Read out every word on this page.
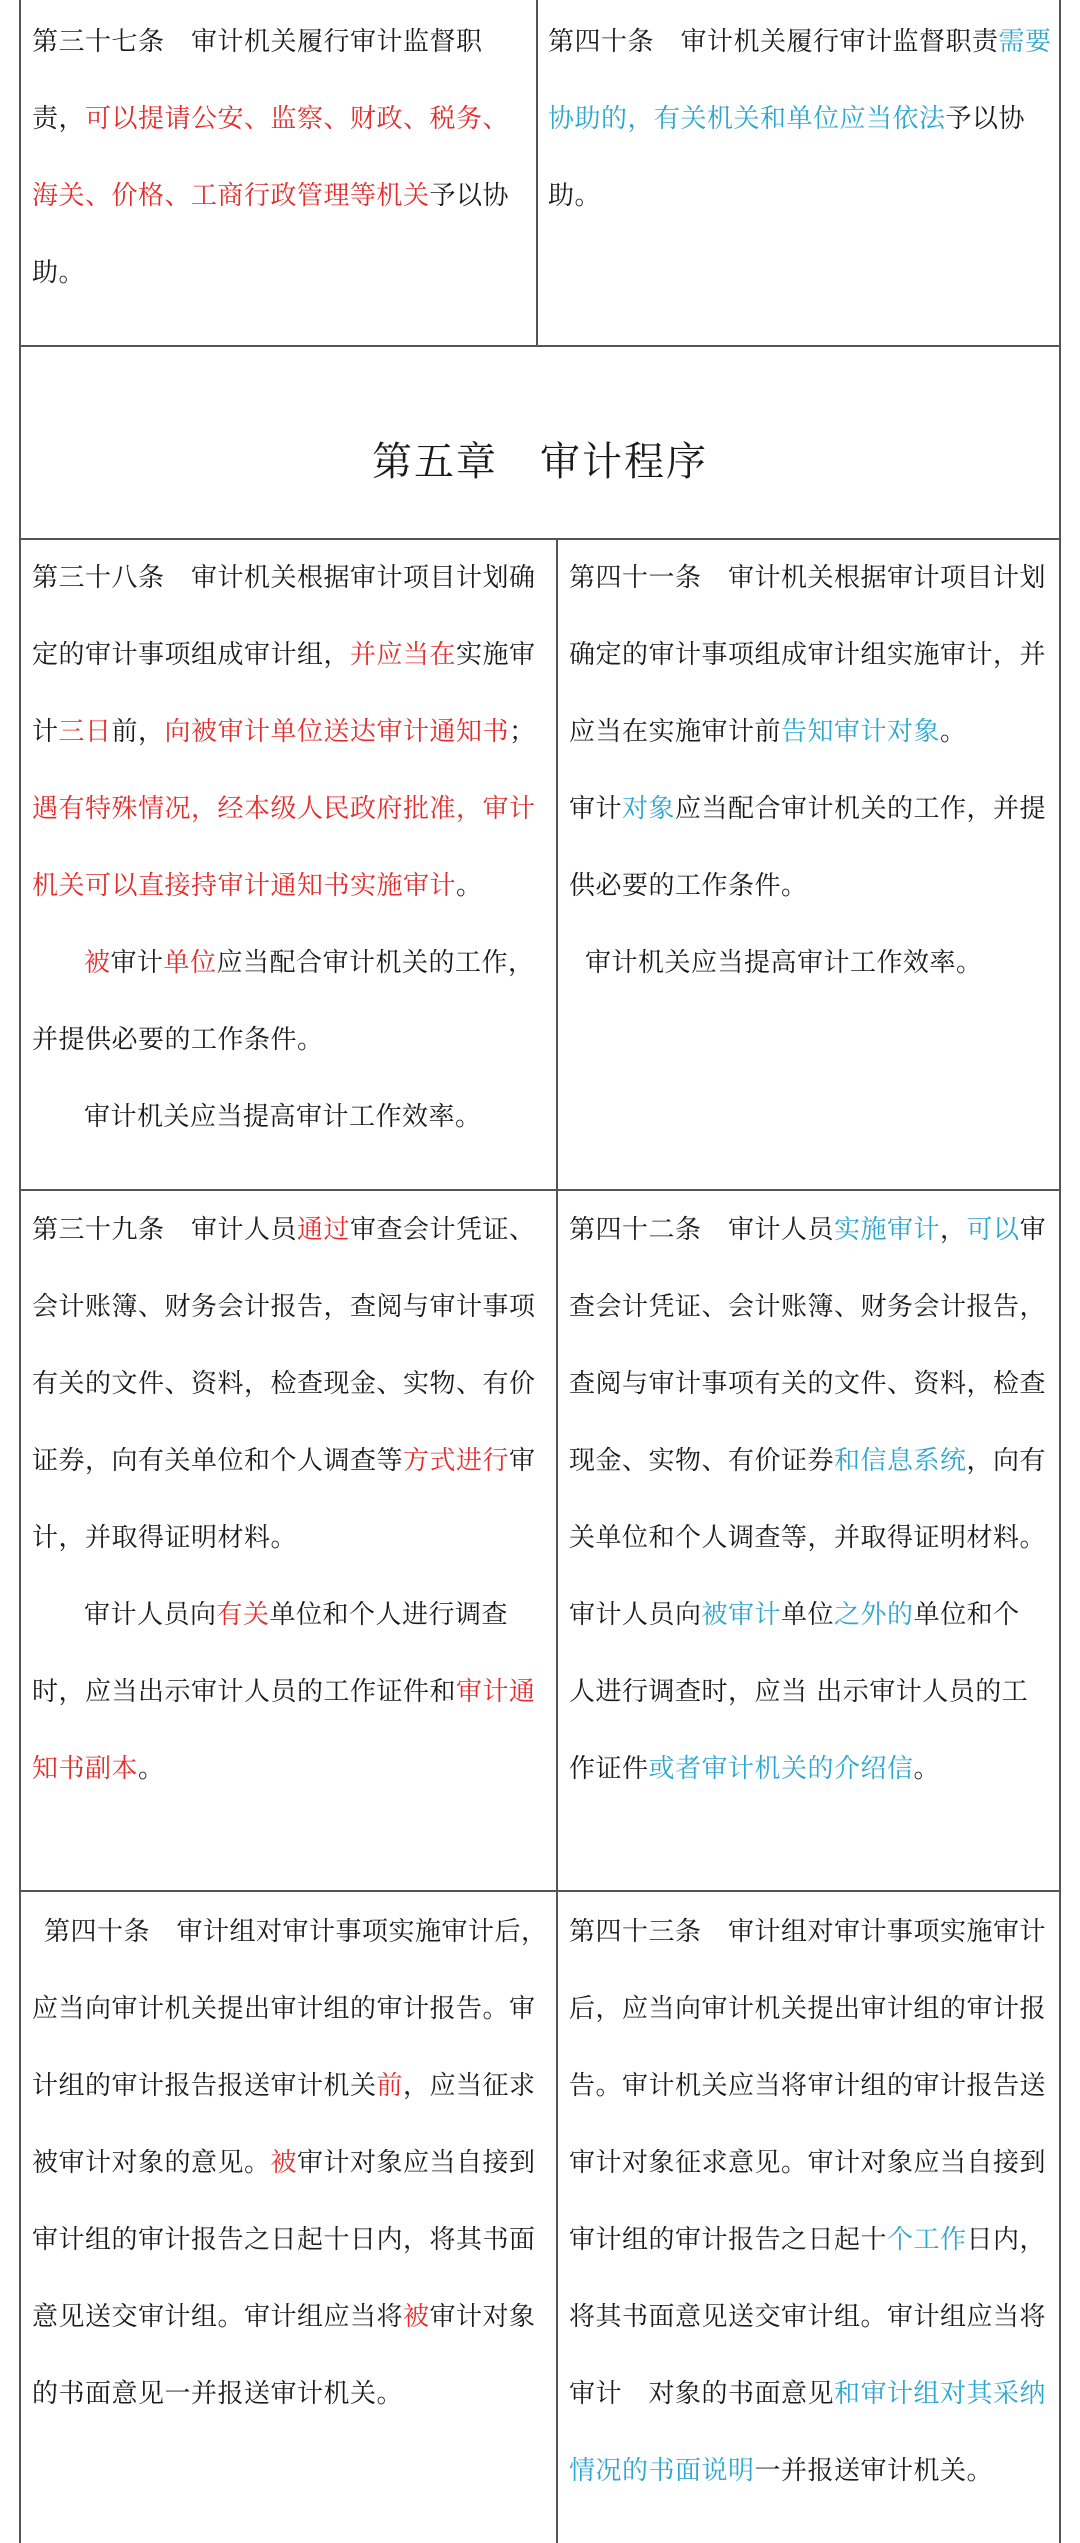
第三十七条　审计机关履行审计监督职

责，可以提请公安、监察、财政、税务、

海关、价格、工商行政管理等机关予以协

助。

第四十条　审计机关履行审计监督职责需要

协助的，有关机关和单位应当依法予以协

助。

第五章　审计程序

第三十八条　审计机关根据审计项目计划确

定的审计事项组成审计组，并应当在实施审

计三日前，向被审计单位送达审计通知书；

遇有特殊情况，经本级人民政府批准，审计

机关可以直接持审计通知书实施审计。

被审计单位应当配合审计机关的工作，

并提供必要的工作条件。

审计机关应当提高审计工作效率。

第四十一条　审计机关根据审计项目计划

确定的审计事项组成审计组实施审计，并

应当在实施审计前告知审计对象。

审计对象应当配合审计机关的工作，并提

供必要的工作条件。

审计机关应当提高审计工作效率。

第三十九条　审计人员通过审查会计凭证、

会计账簿、财务会计报告，查阅与审计事项

有关的文件、资料，检查现金、实物、有价

证券，向有关单位和个人调查等方式进行审

计，并取得证明材料。

审计人员向有关单位和个人进行调查

时，应当出示审计人员的工作证件和审计通

知书副本。

第四十二条　审计人员实施审计，可以审

查会计凭证、会计账簿、财务会计报告，

查阅与审计事项有关的文件、资料，检查

现金、实物、有价证券和信息系统，向有

关单位和个人调查等，并取得证明材料。

审计人员向被审计单位之外的单位和个

人进行调查时，应当 出示审计人员的工

作证件或者审计机关的介绍信。

第四十条　审计组对审计事项实施审计后，

应当向审计机关提出审计组的审计报告。审

计组的审计报告报送审计机关前，应当征求

被审计对象的意见。被审计对象应当自接到

审计组的审计报告之日起十日内，将其书面

意见送交审计组。审计组应当将被审计对象

的书面意见一并报送审计机关。

第四十三条　审计组对审计事项实施审计

后，应当向审计机关提出审计组的审计报

告。审计机关应当将审计组的审计报告送

审计对象征求意见。审计对象应当自接到

审计组的审计报告之日起十个工作日内，

将其书面意见送交审计组。审计组应当将

审计　对象的书面意见和审计组对其采纳

情况的书面说明一并报送审计机关。
